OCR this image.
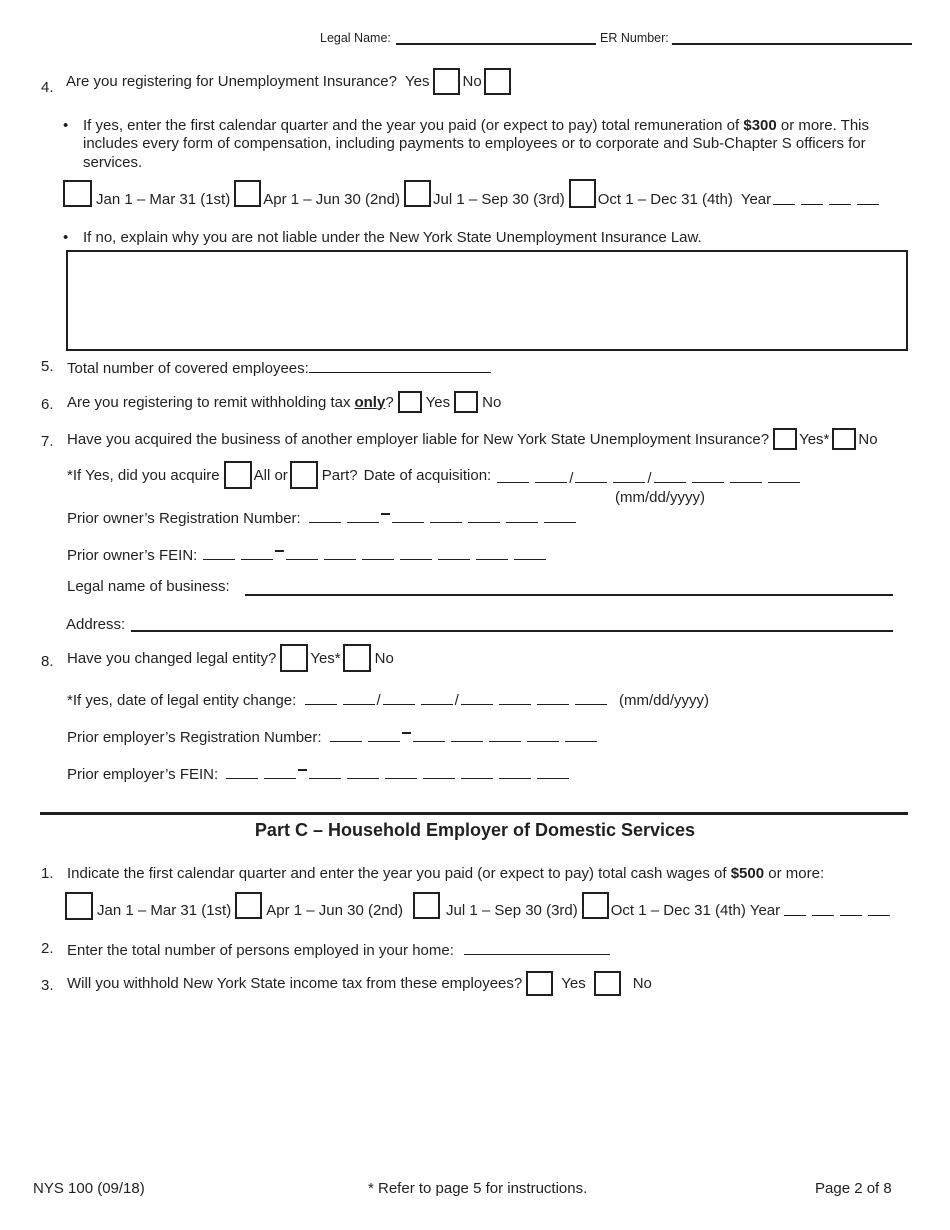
Legal Name:	ER Number:
4. Are you registering for Unemployment Insurance? Yes No
• If yes, enter the first calendar quarter and the year you paid (or expect to pay) total remuneration of $300 or more. This
includes every form of compensation, including payments to employees or to corporate and Sub-Chapter S officers for
services.
Jan 1 – Mar 31 (1st) Apr 1 – Jun 30 (2nd) Jul 1 – Sep 30 (3rd) Oct 1 – Dec 31 (4th) Year
• If no, explain why you are not liable under the New York State Unemployment Insurance Law.
5. Total number of covered employees:
6. Are you registering to remit withholding tax only ? Yes No
7. Have you acquired the business of another employer liable for New York State Unemployment Insurance? Yes* No
*If Yes, did you acquire All or Part? Date of acquisition:	/	/
(mm/dd/yyyy)
Prior owner’s Registration Number:
Prior owner’s FEIN:
Legal name of business:
Address:
8. Have you changed legal entity? Yes* No
*If yes, date of legal entity change:	/	/	(mm/dd/yyyy)
Prior employer’s Registration Number:
Prior employer’s FEIN:
Part C – Household Employer of Domestic Services
1. Indicate the first calendar quarter and enter the year you paid (or expect to pay) total cash wages of $500 or more:
Jan 1 – Mar 31 (1st) Apr 1 – Jun 30 (2nd)	Jul 1 – Sep 30 (3rd) Oct 1 – Dec 31 (4th) Year
2. Enter the total number of persons employed in your home:
3. Will you withhold New York State income tax from these employees?	Yes	No
NYS 100 (09/18)	* Refer to page 5 for instructions.	Page 2 of 8
